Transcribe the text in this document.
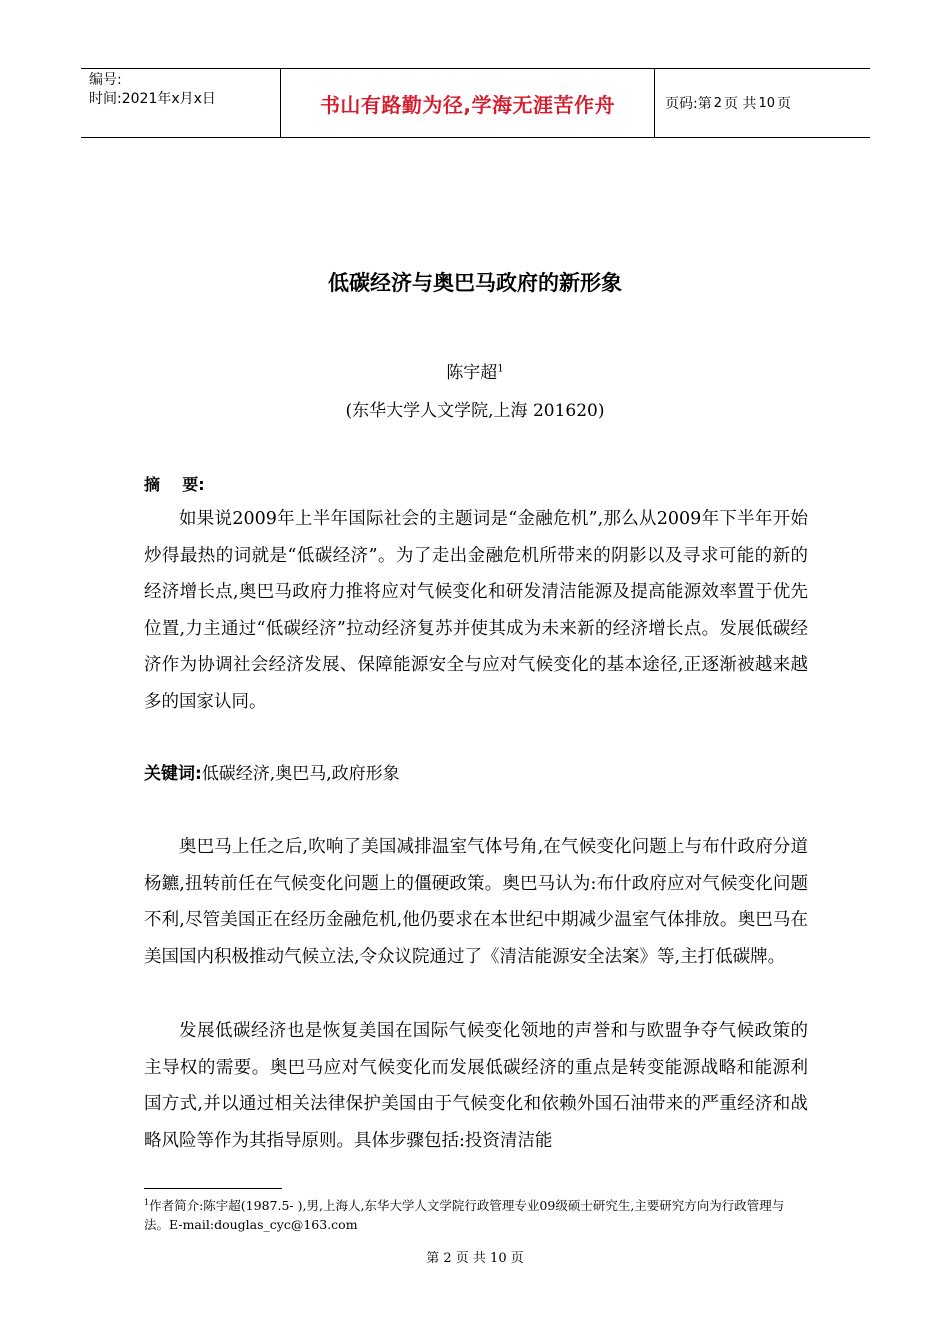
编号:
时间:2021年x月x日	书山有路勤为径,学海无涯苦作舟	页码:第 2 页 共 10 页
低碳经济与奥巴马政府的新形象
陈宇超$^1$
(东华大学人文学院,上海 201620)
摘    要:
如果说2009年上半年国际社会的主题词是“金融危机”,那么从2009年下半年开始炒得最热的词就是“低碳经济”。为了走出金融危机所带来的阴影以及寻求可能的新的经济增长点,奥巴马政府力推将应对气候变化和研发清洁能源及提高能源效率置于优先位置,力主通过“低碳经济”拉动经济复苏并使其成为未来新的经济增长点。发展低碳经济作为协调社会经济发展、保障能源安全与应对气候变化的基本途径,正逐渐被越来越多的国家认同。
关键词:低碳经济,奥巴马,政府形象
奥巴马上任之后,吹响了美国减排温室气体号角,在气候变化问题上与布什政府分道杨鑣,扭转前任在气候变化问题上的僵硬政策。奥巴马认为:布什政府应对气候变化问题不利,尽管美国正在经历金融危机,他仍要求在本世纪中期减少温室气体排放。奥巴马在美国国内积极推动气候立法,令众议院通过了《清洁能源安全法案》等,主打低碳牌。
发展低碳经济也是恢复美国在国际气候变化领地的声誉和与欧盟争夺气候政策的主导权的需要。奥巴马应对气候变化而发展低碳经济的重点是转变能源战略和能源利国方式,并以通过相关法律保护美国由于气候变化和依赖外国石油带来的严重经济和战略风险等作为其指导原则。具体步骤包括:投资清洁能
$^1$作者简介:陈宇超(1987.5- ),男,上海人,东华大学人文学院行政管理专业09级硕士研究生,主要研究方向为行政管理与法。E-mail:douglas_cyc@163.com
第 2 页 共 10 页
